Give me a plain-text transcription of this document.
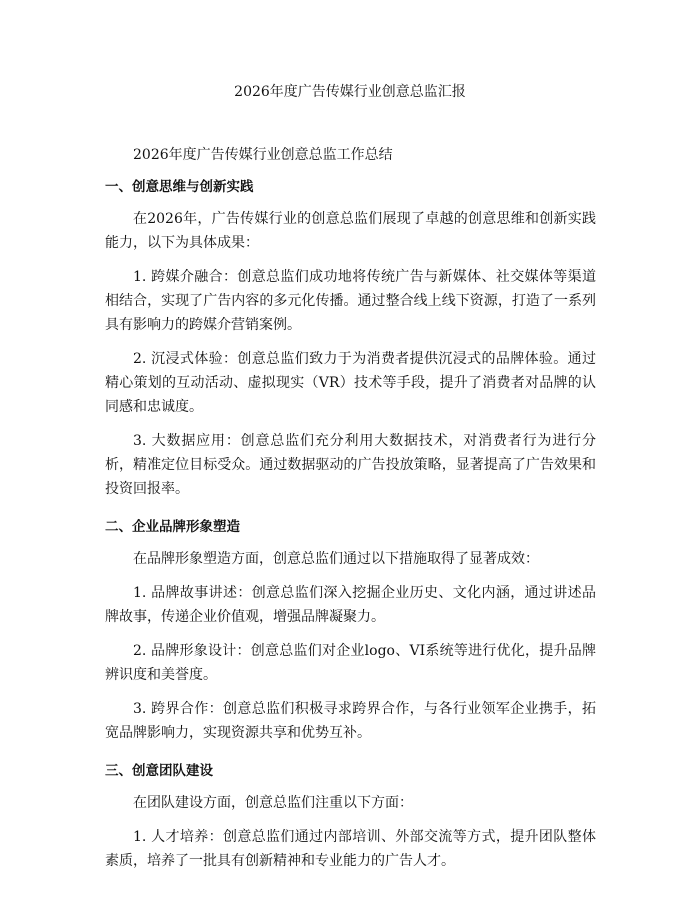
2026年度广告传媒行业创意总监汇报

2026年度广告传媒行业创意总监工作总结

一、创意思维与创新实践

在2026年，广告传媒行业的创意总监们展现了卓越的创意思维和创新实践能力，以下为具体成果：

1. 跨媒介融合：创意总监们成功地将传统广告与新媒体、社交媒体等渠道相结合，实现了广告内容的多元化传播。通过整合线上线下资源，打造了一系列具有影响力的跨媒介营销案例。

2. 沉浸式体验：创意总监们致力于为消费者提供沉浸式的品牌体验。通过精心策划的互动活动、虚拟现实（VR）技术等手段，提升了消费者对品牌的认同感和忠诚度。

3. 大数据应用：创意总监们充分利用大数据技术，对消费者行为进行分析，精准定位目标受众。通过数据驱动的广告投放策略，显著提高了广告效果和投资回报率。

二、企业品牌形象塑造

在品牌形象塑造方面，创意总监们通过以下措施取得了显著成效：

1. 品牌故事讲述：创意总监们深入挖掘企业历史、文化内涵，通过讲述品牌故事，传递企业价值观，增强品牌凝聚力。

2. 品牌形象设计：创意总监们对企业logo、VI系统等进行优化，提升品牌辨识度和美誉度。

3. 跨界合作：创意总监们积极寻求跨界合作，与各行业领军企业携手，拓宽品牌影响力，实现资源共享和优势互补。

三、创意团队建设

在团队建设方面，创意总监们注重以下方面：

1. 人才培养：创意总监们通过内部培训、外部交流等方式，提升团队整体素质，培养了一批具有创新精神和专业能力的广告人才。
